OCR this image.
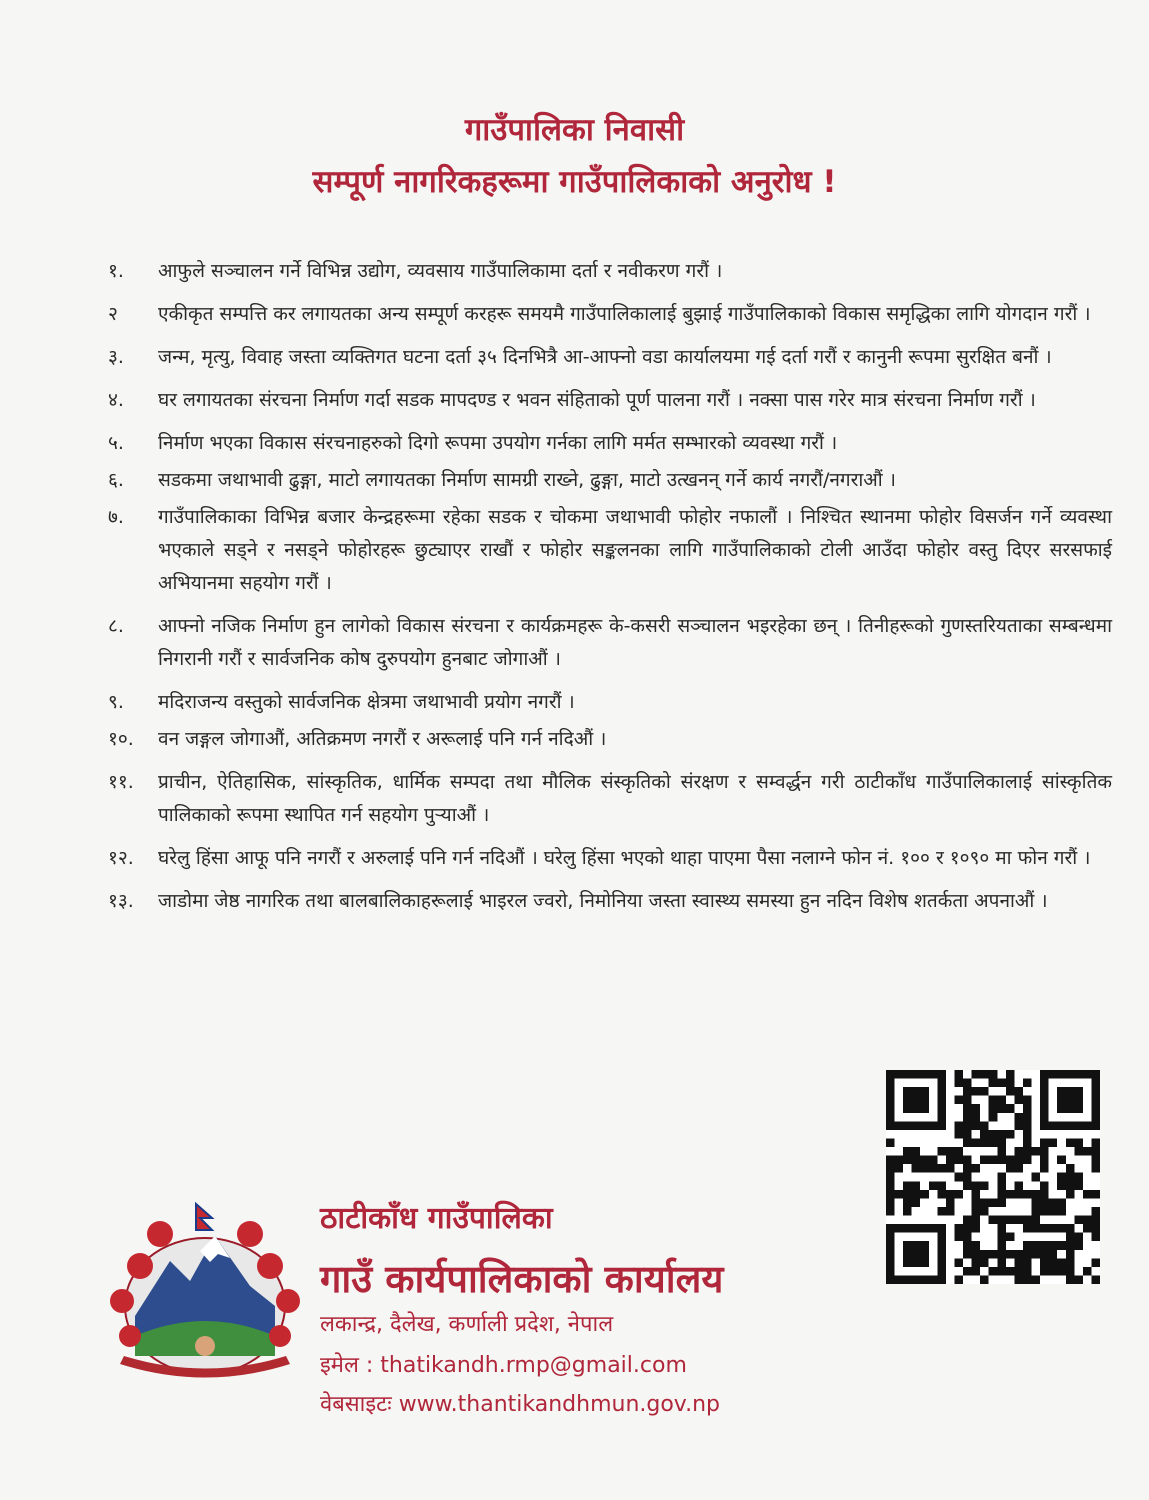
गाउँपालिका निवासी
सम्पूर्ण नागरिकहरूमा गाउँपालिकाको अनुरोध !
१.	आफुले सञ्चालन गर्ने विभिन्न उद्योग, व्यवसाय गाउँपालिकामा दर्ता र नवीकरण गरौं ।
२	एकीकृत सम्पत्ति कर लगायतका अन्य सम्पूर्ण करहरू समयमै गाउँपालिकालाई बुझाई गाउँपालिकाको विकास समृद्धिका लागि योगदान गरौं ।
३.	जन्म, मृत्यु, विवाह जस्ता व्यक्तिगत घटना दर्ता ३५ दिनभित्रै आ-आफ्नो वडा कार्यालयमा गई दर्ता गरौं र कानुनी रूपमा सुरक्षित बनौं ।
४.	घर लगायतका संरचना निर्माण गर्दा सडक मापदण्ड र भवन संहिताको पूर्ण पालना गरौं । नक्सा पास गरेर मात्र संरचना निर्माण गरौं ।
५.	निर्माण भएका विकास संरचनाहरुको दिगो रूपमा उपयोग गर्नका लागि मर्मत सम्भारको व्यवस्था गरौं ।
६.	सडकमा जथाभावी ढुङ्गा, माटो लगायतका निर्माण सामग्री राख्ने, ढुङ्गा, माटो उत्खनन् गर्ने कार्य नगरौं/नगराऔं ।
७.	गाउँपालिकाका विभिन्न बजार केन्द्रहरूमा रहेका सडक र चोकमा जथाभावी फोहोर नफालौं । निश्चित स्थानमा फोहोर विसर्जन गर्ने व्यवस्था भएकाले सड्ने र नसड्ने फोहोरहरू छुट्याएर राखौं र फोहोर सङ्कलनका लागि गाउँपालिकाको टोली आउँदा फोहोर वस्तु दिएर सरसफाई अभियानमा सहयोग गरौं ।
८.	आफ्नो नजिक निर्माण हुन लागेको विकास संरचना र कार्यक्रमहरू के-कसरी सञ्चालन भइरहेका छन् । तिनीहरूको गुणस्तरियताका सम्बन्धमा निगरानी गरौं र सार्वजनिक कोष दुरुपयोग हुनबाट जोगाऔं ।
९.	मदिराजन्य वस्तुको सार्वजनिक क्षेत्रमा जथाभावी प्रयोग नगरौं ।
१०.	वन जङ्गल जोगाऔं, अतिक्रमण नगरौं र अरूलाई पनि गर्न नदिऔं ।
११.	प्राचीन, ऐतिहासिक, सांस्कृतिक, धार्मिक सम्पदा तथा मौलिक संस्कृतिको संरक्षण र सम्वर्द्धन गरी ठाटीकाँध गाउँपालिकालाई सांस्कृतिक पालिकाको रूपमा स्थापित गर्न सहयोग पुर्‍याऔं ।
१२.	घरेलु हिंसा आफू पनि नगरौं र अरुलाई पनि गर्न नदिऔं । घरेलु हिंसा भएको थाहा पाएमा पैसा नलाग्ने फोन नं. १०० र १०९० मा फोन गरौं ।
१३.	जाडोमा जेष्ठ नागरिक तथा बालबालिकाहरूलाई भाइरल ज्वरो, निमोनिया जस्ता स्वास्थ्य समस्या हुन नदिन विशेष शतर्कता अपनाऔं ।
ठाटीकाँध गाउँपालिका
गाउँ कार्यपालिकाको कार्यालय
लकान्द्र, दैलेख, कर्णाली प्रदेश, नेपाल
इमेल : thatikandh.rmp@gmail.com
वेबसाइटः www.thantikandhmun.gov.np
